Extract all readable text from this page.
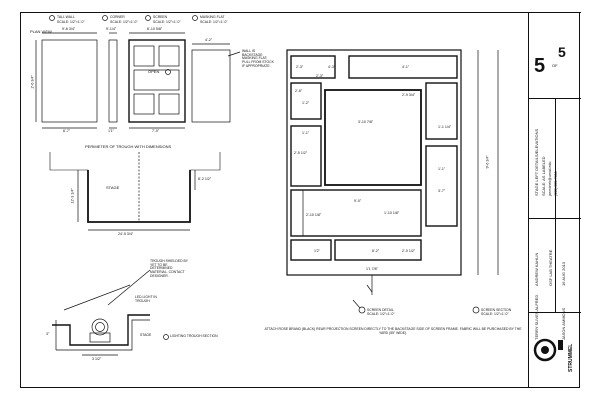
TALL WALL	CORNER	SCREEN	MASKING FLAT
SCALE: 1/2"=1'-0"	SCALE: 1/2"=1'-0"	SCALE: 1/2"=1'-0"	SCALE: 1/2"=1'-0"
PLAN VIEW	9'-6 3/4"	9'-1/4"	6'-10 5/8"
4'-2"
2'-6 3/4"
6'-7"	1'1"	7'-0"
OPEN
WALL IS BACKSTAGE MASKING FLAT; PULL FROM STOCK IF APPROPRIATE.
PERIMETER OF TROUGH WITH DIMENSIONS
STAGE
12'-3 1/4"
8'-2 1/2"
24'-5 3/4"
TROUGH SHIELDED BY YET TO BE DETERMINED MATERIAL. CONTACT DESIGNER.
LED LIGHT IN TROUGH
STAGE	LIGHTING TROUGH SECTION
3"
3 1/2"
2'-3"
4'-1"
2'-6"
1'-2"
3'-10 7/8"
2'-9 3/4"
1'-1 1/4"
2'-5 1/2"
9'-0"
1'-10 1/8"
2'-10 1/8"
3'-7"
1'-1"
6'-2"
1'2"
1'1 7/8"
2'-0 1/2"
1'-1"
4'-3"
2'-3"
9'-6 3/4"
SCREEN DETAIL
SCALE: 1/2"=1'-0"
SCREEN SECTION
SCALE: 1/2"=1'-0"
ATTACH ROSE BRAND (BLACK) REAR PROJECTION SCREEN DIRECTLY TO THE BACKSTAGE SIDE OF SCREEN FRAME. FABRIC WILL BE PURCHASED BY THE YARD (55" WIDE).
5 OF
5
STAGE LEFT DETAILS/ELEVATIONS SCALE: AS LABELED janmiinek@umail.edu (555) 555-7650
ANDREW KAHLIN OSF LAB THEATRE 16 AUG 2013
JASON AMMONS
TERRY SLIVES ALFRED
STRUMMEL
